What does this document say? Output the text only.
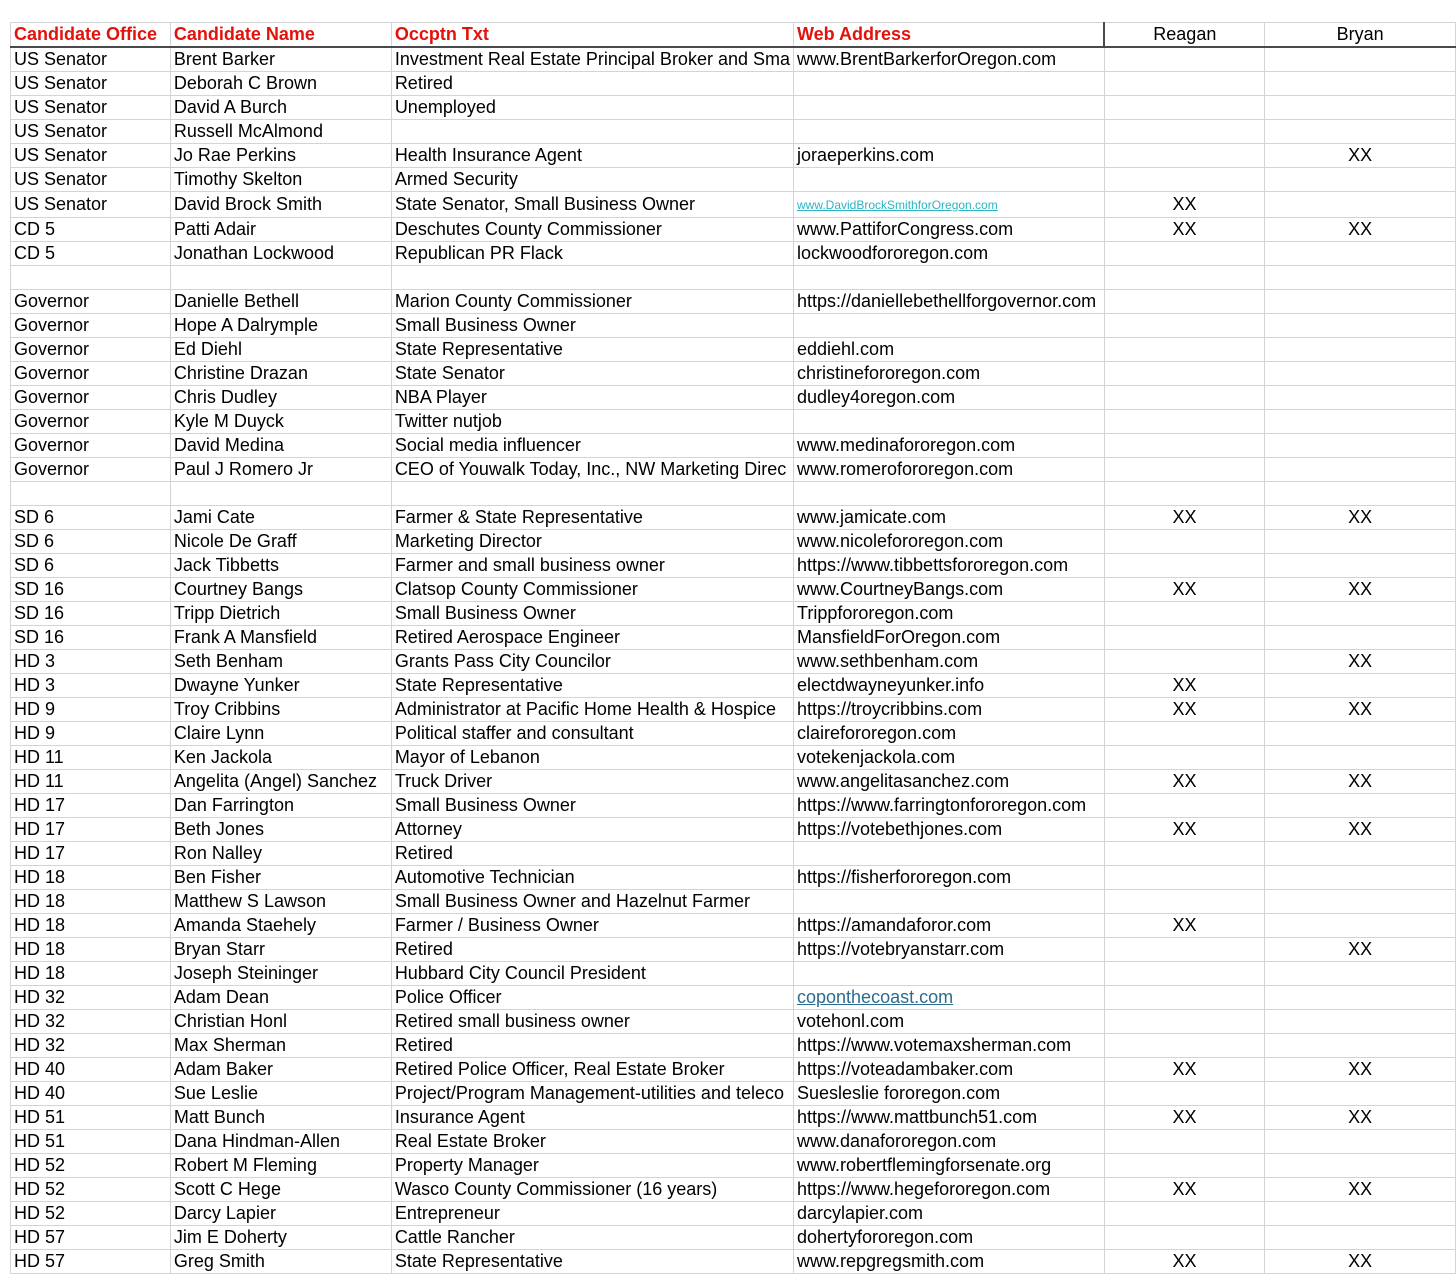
Candidate Office	Candidate Name	Occptn Txt	Web Address	Reagan	Bryan
US Senator	Brent Barker	Investment Real Estate Principal Broker and Sma	www.BrentBarkerforOregon.com		
US Senator	Deborah C Brown	Retired			
US Senator	David A Burch	Unemployed			
US Senator	Russell McAlmond				
US Senator	Jo Rae Perkins	Health Insurance Agent	joraeperkins.com		XX
US Senator	Timothy Skelton	Armed Security			
US Senator	David Brock Smith	State Senator, Small Business Owner	www.DavidBrockSmithforOregon.com	XX	
CD 5	Patti Adair	Deschutes County Commissioner	www.PattiforCongress.com	XX	XX
CD 5	Jonathan Lockwood	Republican PR Flack	lockwoodfororegon.com		

Governor	Danielle Bethell	Marion County Commissioner	https://daniellebethellforgovernor.com		
Governor	Hope A Dalrymple	Small Business Owner			
Governor	Ed Diehl	State Representative	eddiehl.com		
Governor	Christine Drazan	State Senator	christinefororegon.com		
Governor	Chris Dudley	NBA Player	dudley4oregon.com		
Governor	Kyle M Duyck	Twitter nutjob			
Governor	David Medina	Social media influencer	www.medinafororegon.com		
Governor	Paul J Romero Jr	CEO of Youwalk Today, Inc., NW Marketing Direc	www.romerofororegon.com		

SD 6	Jami Cate	Farmer & State Representative	www.jamicate.com	XX	XX
SD 6	Nicole De Graff	Marketing Director	www.nicolefororegon.com		
SD 6	Jack Tibbetts	Farmer and small business owner	https://www.tibbettsfororegon.com		
SD 16	Courtney Bangs	Clatsop County Commissioner	www.CourtneyBangs.com	XX	XX
SD 16	Tripp Dietrich	Small Business Owner	Trippfororegon.com		
SD 16	Frank A Mansfield	Retired Aerospace Engineer	MansfieldForOregon.com		
HD 3	Seth Benham	Grants Pass City Councilor	www.sethbenham.com		XX
HD 3	Dwayne Yunker	State Representative	electdwayneyunker.info	XX	
HD 9	Troy Cribbins	Administrator at Pacific Home Health & Hospice	https://troycribbins.com	XX	XX
HD 9	Claire Lynn	Political staffer and consultant	clairefororegon.com		
HD 11	Ken Jackola	Mayor of Lebanon	votekenjackola.com		
HD 11	Angelita (Angel) Sanchez	Truck Driver	www.angelitasanchez.com	XX	XX
HD 17	Dan Farrington	Small Business Owner	https://www.farringtonfororegon.com		
HD 17	Beth Jones	Attorney	https://votebethjones.com	XX	XX
HD 17	Ron Nalley	Retired			
HD 18	Ben Fisher	Automotive Technician	https://fisherfororegon.com		
HD 18	Matthew S Lawson	Small Business Owner and Hazelnut Farmer			
HD 18	Amanda Staehely	Farmer / Business Owner	https://amandaforor.com	XX	
HD 18	Bryan Starr	Retired	https://votebryanstarr.com		XX
HD 18	Joseph Steininger	Hubbard City Council President			
HD 32	Adam Dean	Police Officer	coponthecoast.com		
HD 32	Christian Honl	Retired small business owner	votehonl.com		
HD 32	Max Sherman	Retired	https://www.votemaxsherman.com		
HD 40	Adam Baker	Retired Police Officer, Real Estate Broker	https://voteadambaker.com	XX	XX
HD 40	Sue Leslie	Project/Program Management-utilities and teleco	Suesleslie fororegon.com		
HD 51	Matt Bunch	Insurance Agent	https://www.mattbunch51.com	XX	XX
HD 51	Dana Hindman-Allen	Real Estate Broker	www.danafororegon.com		
HD 52	Robert M Fleming	Property Manager	www.robertflemingforsenate.org		
HD 52	Scott C Hege	Wasco County Commissioner (16 years)	https://www.hegefororegon.com	XX	XX
HD 52	Darcy Lapier	Entrepreneur	darcylapier.com		
HD 57	Jim E Doherty	Cattle Rancher	dohertyfororegon.com		
HD 57	Greg Smith	State Representative	www.repgregsmith.com	XX	XX
